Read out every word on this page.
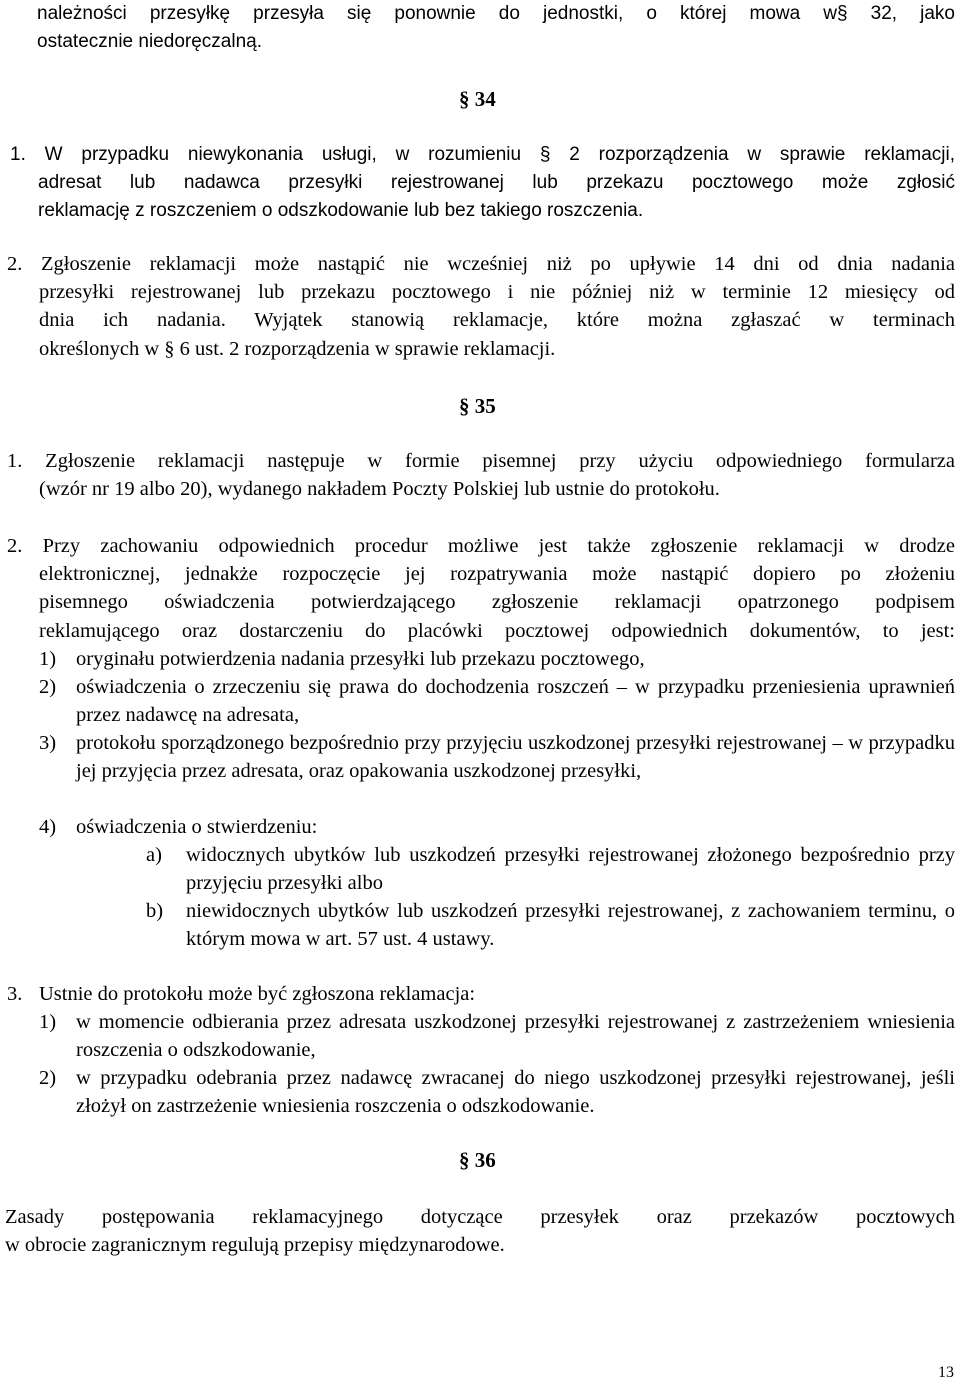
należności przesyłkę przesyła się ponownie do jednostki, o której mowa w§ 32, jako
ostatecznie niedoręczalną.
§ 34
1. W przypadku niewykonania usługi, w rozumieniu § 2 rozporządzenia w sprawie reklamacji,
adresat lub nadawca przesyłki rejestrowanej lub przekazu pocztowego może zgłosić
reklamację z roszczeniem o odszkodowanie lub bez takiego roszczenia.
2. Zgłoszenie reklamacji może nastąpić nie wcześniej niż po upływie 14 dni od dnia nadania
przesyłki rejestrowanej lub przekazu pocztowego i nie później niż w terminie 12 miesięcy od
dnia ich nadania. Wyjątek stanowią reklamacje, które można zgłaszać w terminach
określonych w § 6 ust. 2 rozporządzenia w sprawie reklamacji.
§ 35
1. Zgłoszenie reklamacji następuje w formie pisemnej przy użyciu odpowiedniego formularza
(wzór nr 19 albo 20), wydanego nakładem Poczty Polskiej lub ustnie do protokołu.
2. Przy zachowaniu odpowiednich procedur możliwe jest także zgłoszenie reklamacji w drodze
elektronicznej, jednakże rozpoczęcie jej rozpatrywania może nastąpić dopiero po złożeniu
pisemnego oświadczenia potwierdzającego zgłoszenie reklamacji opatrzonego podpisem
reklamującego oraz dostarczeniu do placówki pocztowej odpowiednich dokumentów, to jest:
1) oryginału potwierdzenia nadania przesyłki lub przekazu pocztowego,
2) oświadczenia o zrzeczeniu się prawa do dochodzenia roszczeń – w przypadku przeniesienia uprawnień przez nadawcę na adresata,
3) protokołu sporządzonego bezpośrednio przy przyjęciu uszkodzonej przesyłki rejestrowanej – w przypadku jej przyjęcia przez adresata, oraz opakowania uszkodzonej przesyłki,
4) oświadczenia o stwierdzeniu:
a) widocznych ubytków lub uszkodzeń przesyłki rejestrowanej złożonego bezpośrednio przy przyjęciu przesyłki albo
b) niewidocznych ubytków lub uszkodzeń przesyłki rejestrowanej, z zachowaniem terminu, o którym mowa w art. 57 ust. 4 ustawy.
3. Ustnie do protokołu może być zgłoszona reklamacja:
1) w momencie odbierania przez adresata uszkodzonej przesyłki rejestrowanej z zastrzeżeniem wniesienia roszczenia o odszkodowanie,
2) w przypadku odebrania przez nadawcę zwracanej do niego uszkodzonej przesyłki rejestrowanej, jeśli złożył on zastrzeżenie wniesienia roszczenia o odszkodowanie.
§ 36
Zasady postępowania reklamacyjnego dotyczące przesyłek oraz przekazów pocztowych
w obrocie zagranicznym regulują przepisy międzynarodowe.
13
